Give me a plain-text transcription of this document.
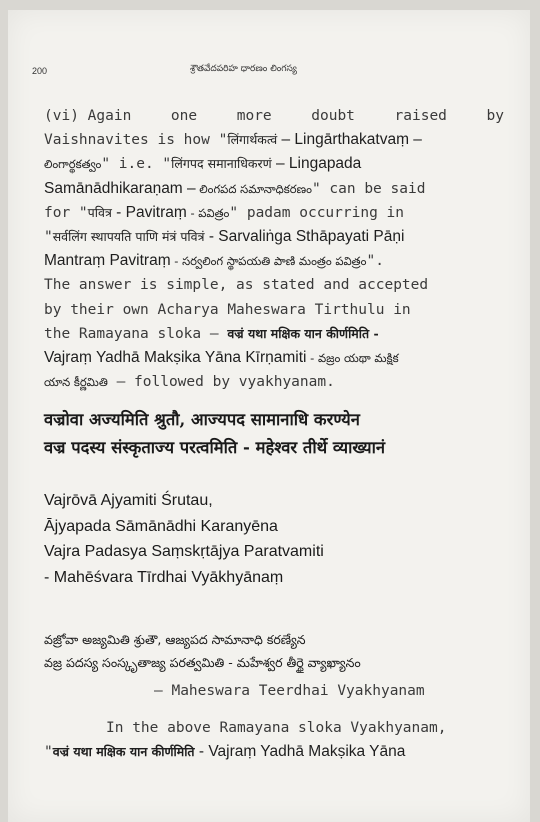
200	శ్రౌతవేదపరిహ ధారణం లింగస్య
(vi) Again	one	more	doubt	raised	by
Vaishnavites is how "लिंगार्थकत्वं – Lingārthakatvaṃ –
లింగార్థకత్వం" i.e. "लिंगपद समानाधिकरणं – Lingapada
Samānādhikaraṇam – లింగపద సమానాధికరణం" can be said
for "पवित्र - Pavitraṃ - పవిత్రం" padam occurring in
"सर्वलिंग स्थापयति पाणि मंत्रं पवित्रं - Sarvaliṅga Sthāpayati Pāṇi
Mantraṃ Pavitraṃ - సర్వలింగ స్థాపయతి పాణి మంత్రం పవిత్రం".
The answer is simple, as stated and accepted
by their own Acharya Maheswara Tirthulu in
the Ramayana sloka – वज्रं यथा मक्षिक यान कीर्णमिति -
Vajraṃ Yadhā Makṣika Yāna Kīrṇamiti - వజ్రం యథా మక్షిక
యాన కీర్ణమితి – followed by vyakhyanam.
वज्रोवा अज्यमिति श्रुतौ, आज्यपद सामानाधि करण्येन
वज्र पदस्य संस्कृताज्य परत्वमिति - महेश्वर तीर्थे व्याख्यानं
Vajrōvā Ajyamiti Śrutau,
Ājyapada Sāmānādhi Karanyēna
Vajra Padasya Saṃskṛtājya Paratvamiti
- Mahēśvara Tīrdhai Vyākhyānaṃ
వజ్రోవా అజ్యమితి శ్రుతౌ, ఆజ్యపద సామానాధి కరణ్యేన
వజ్ర పదస్య సంస్కృతాజ్య పరత్వమితి - మహేశ్వర తీర్థై వ్యాఖ్యానం
– Maheswara Teerdhai Vyakhyanam
In the above Ramayana sloka Vyakhyanam,
"वज्रं यथा मक्षिक यान कीर्णमिति - Vajraṃ Yadhā Makṣika Yāna
